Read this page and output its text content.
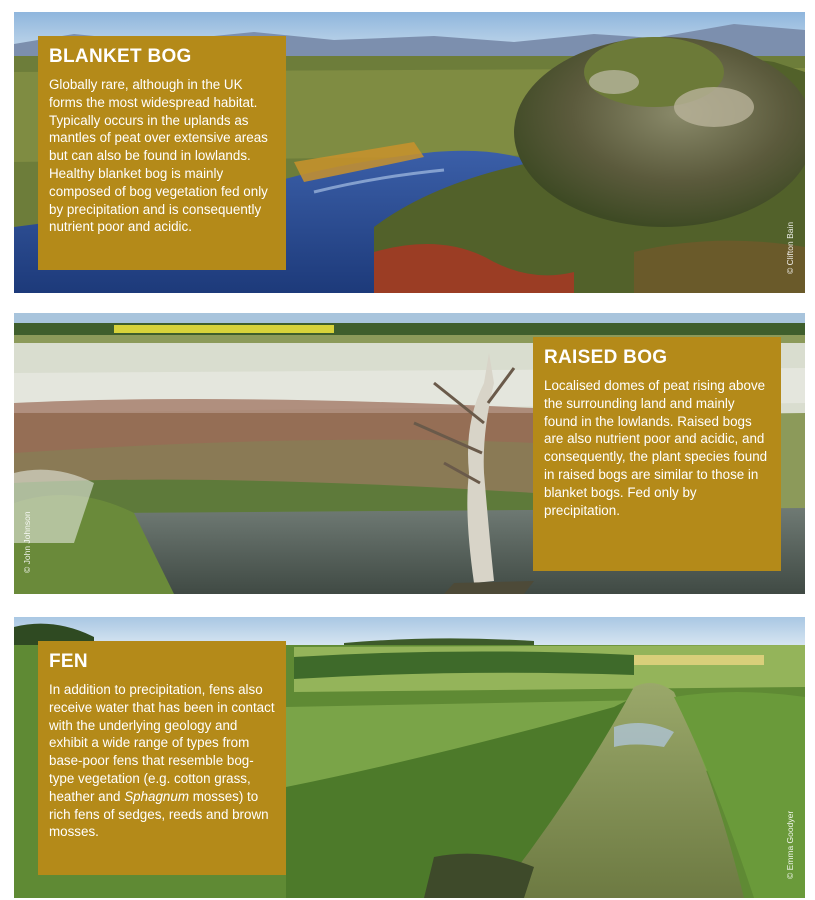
BLANKET BOG

Globally rare, although in the UK forms the most widespread habitat. Typically occurs in the uplands as mantles of peat over extensive areas but can also be found in lowlands. Healthy blanket bog is mainly composed of bog vegetation fed only by precipitation and is consequently nutrient poor and acidic.	© Clifton Bain
RAISED BOG

Localised domes of peat rising above the surrounding land and mainly found in the lowlands. Raised bogs are also nutrient poor and acidic, and consequently, the plant species found in raised bogs are similar to those in blanket bogs. Fed only by precipitation.

© John Johnson
FEN

In addition to precipitation, fens also receive water that has been in contact with the underlying geology and exhibit a wide range of types from base-poor fens that resemble bog-type vegetation (e.g. cotton grass, heather and Sphagnum mosses) to rich fens of sedges, reeds and brown mosses.	© Emma Goodyer
